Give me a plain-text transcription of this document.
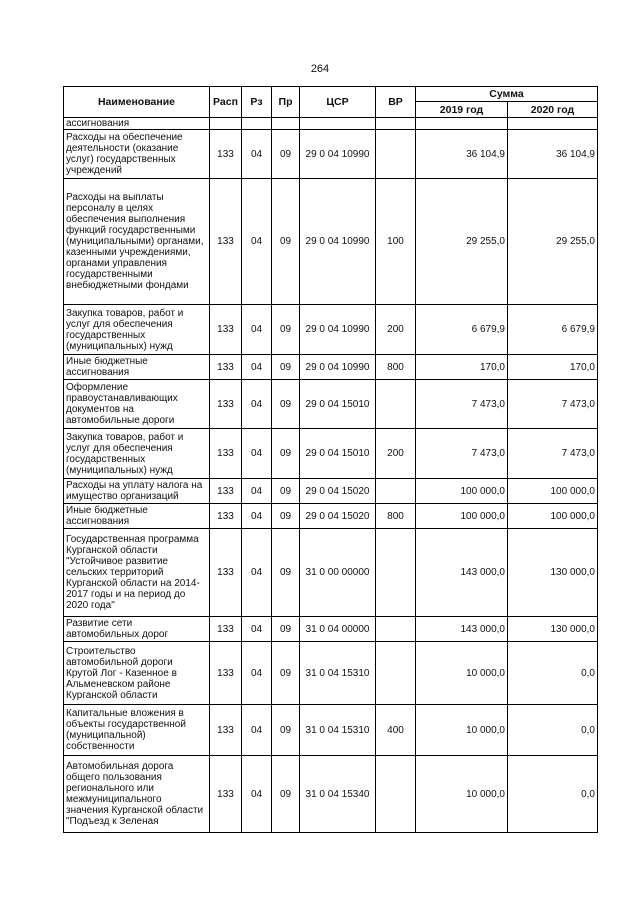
264
Наименование	Расп	Рз	Пр	ЦСР	ВР	Сумма	
						2019 год	2020 год
ассигнования							
Расходы на обеспечение деятельности (оказание услуг) государственных учреждений	133	04	09	29 0 04 10990		36 104,9	36 104,9
Расходы на выплаты персоналу в целях обеспечения выполнения функций государственными (муниципальными) органами, казенными учреждениями, органами управления государственными внебюджетными фондами	133	04	09	29 0 04 10990	100	29 255,0	29 255,0
Закупка товаров, работ и услуг для обеспечения государственных (муниципальных) нужд	133	04	09	29 0 04 10990	200	6 679,9	6 679,9
Иные бюджетные ассигнования	133	04	09	29 0 04 10990	800	170,0	170,0
Оформление правоустанавливающих документов на автомобильные дороги	133	04	09	29 0 04 15010		7 473,0	7 473,0
Закупка товаров, работ и услуг для обеспечения государственных (муниципальных) нужд	133	04	09	29 0 04 15010	200	7 473,0	7 473,0
Расходы на уплату налога на имущество организаций	133	04	09	29 0 04 15020		100 000,0	100 000,0
Иные бюджетные ассигнования	133	04	09	29 0 04 15020	800	100 000,0	100 000,0
Государственная программа Курганской области "Устойчивое развитие сельских территорий Курганской области на 2014-2017 годы и на период до 2020 года"	133	04	09	31 0 00 00000		143 000,0	130 000,0
Развитие сети автомобильных дорог	133	04	09	31 0 04 00000		143 000,0	130 000,0
Строительство автомобильной дороги Крутой Лог - Казенное в Альменевском районе Курганской области	133	04	09	31 0 04 15310		10 000,0	0,0
Капитальные вложения в объекты государственной (муниципальной) собственности	133	04	09	31 0 04 15310	400	10 000,0	0,0
Автомобильная дорога общего пользования регионального или межмуниципального значения Курганской области "Подъезд к Зеленая	133	04	09	31 0 04 15340		10 000,0	0,0
